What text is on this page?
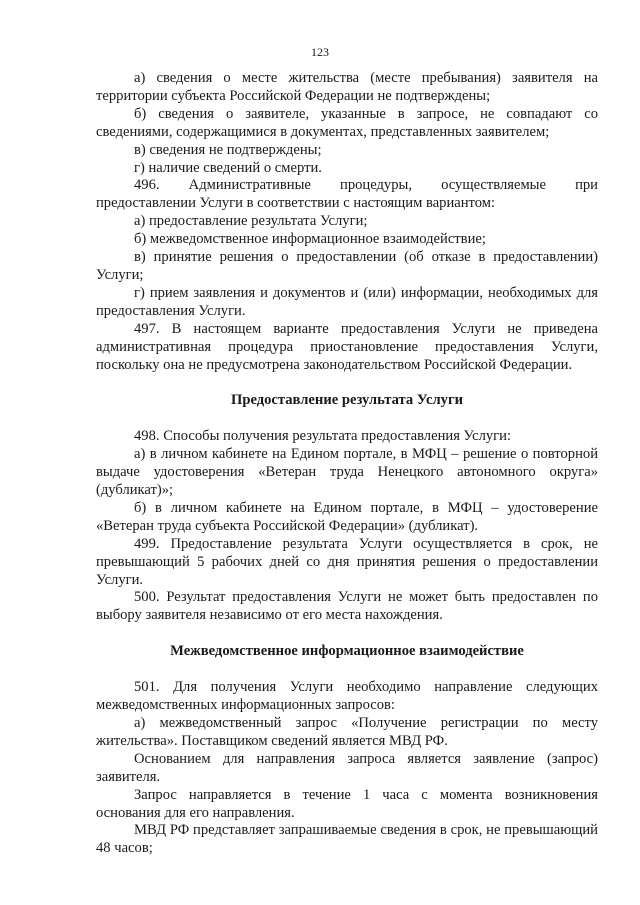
123

а) сведения о месте жительства (месте пребывания) заявителя на территории субъекта Российской Федерации не подтверждены;

б) сведения о заявителе, указанные в запросе, не совпадают со сведениями, содержащимися в документах, представленных заявителем;

в) сведения не подтверждены;

г) наличие сведений о смерти.

496. Административные процедуры, осуществляемые при предоставлении Услуги в соответствии с настоящим вариантом:

а) предоставление результата Услуги;

б) межведомственное информационное взаимодействие;

в) принятие решения о предоставлении (об отказе в предоставлении) Услуги;

г) прием заявления и документов и (или) информации, необходимых для предоставления Услуги.

497. В настоящем варианте предоставления Услуги не приведена административная процедура приостановление предоставления Услуги, поскольку она не предусмотрена законодательством Российской Федерации.

Предоставление результата Услуги

498. Способы получения результата предоставления Услуги:

а) в личном кабинете на Едином портале, в МФЦ – решение о повторной выдаче удостоверения «Ветеран труда Ненецкого автономного округа» (дубликат)»;

б) в личном кабинете на Едином портале, в МФЦ – удостоверение «Ветеран труда субъекта Российской Федерации» (дубликат).

499. Предоставление результата Услуги осуществляется в срок, не превышающий 5 рабочих дней со дня принятия решения о предоставлении Услуги.

500. Результат предоставления Услуги не может быть предоставлен по выбору заявителя независимо от его места нахождения.

Межведомственное информационное взаимодействие

501. Для получения Услуги необходимо направление следующих межведомственных информационных запросов:

а) межведомственный запрос «Получение регистрации по месту жительства». Поставщиком сведений является МВД РФ.

Основанием для направления запроса является заявление (запрос) заявителя.

Запрос направляется в течение 1 часа с момента возникновения основания для его направления.

МВД РФ представляет запрашиваемые сведения в срок, не превышающий 48 часов;
